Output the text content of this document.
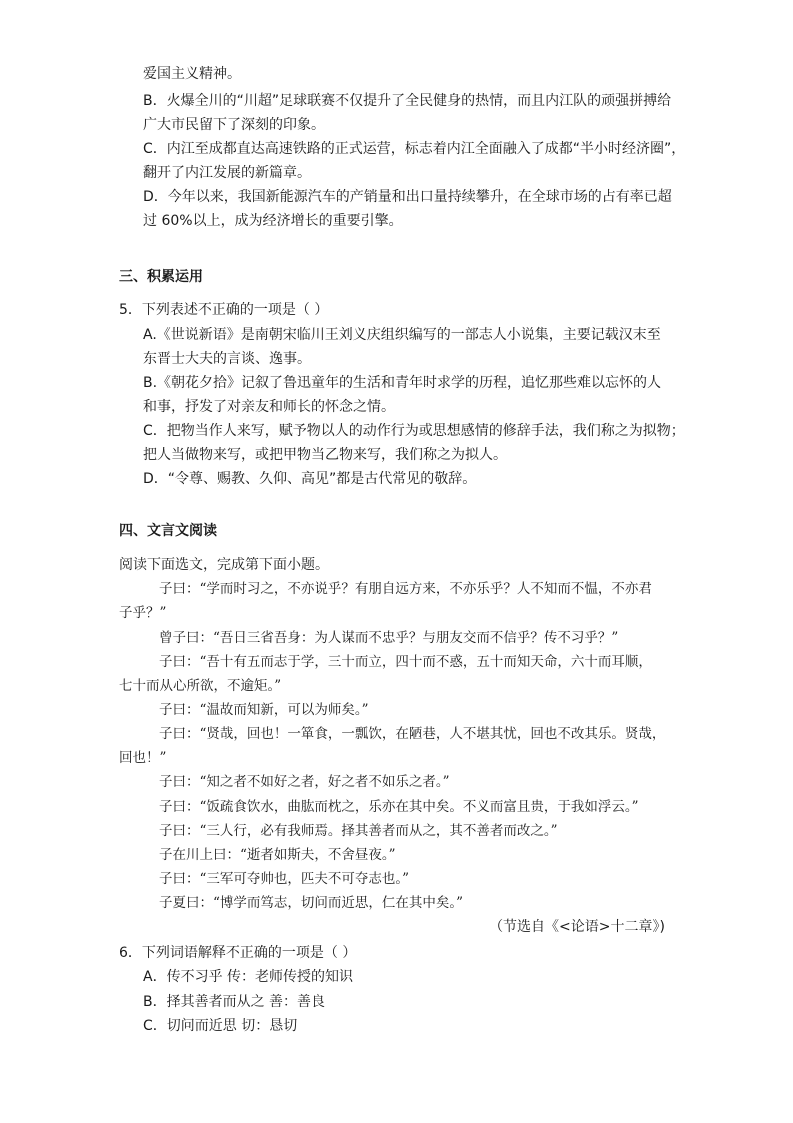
爱国主义精神。
B．火爆全川的“川超”足球联赛不仅提升了全民健身的热情，而且内江队的顽强拼搏给
广大市民留下了深刻的印象。
C．内江至成都直达高速铁路的正式运营，标志着内江全面融入了成都“半小时经济圈”，
翻开了内江发展的新篇章。
D．今年以来，我国新能源汽车的产销量和出口量持续攀升，在全球市场的占有率已超
过 60%以上，成为经济增长的重要引擎。
三、积累运用
5．下列表述不正确的一项是（ ）
A.《世说新语》是南朝宋临川王刘义庆组织编写的一部志人小说集，主要记载汉末至
东晋士大夫的言谈、逸事。
B.《朝花夕拾》记叙了鲁迅童年的生活和青年时求学的历程，追忆那些难以忘怀的人
和事，抒发了对亲友和师长的怀念之情。
C．把物当作人来写，赋予物以人的动作行为或思想感情的修辞手法，我们称之为拟物；
把人当做物来写，或把甲物当乙物来写，我们称之为拟人。
D．“令尊、赐教、久仰、高见”都是古代常见的敬辞。
四、文言文阅读
阅读下面选文，完成第下面小题。
子曰：“学而时习之，不亦说乎？有朋自远方来，不亦乐乎？人不知而不愠，不亦君
子乎？”
曾子曰：“吾日三省吾身：为人谋而不忠乎？与朋友交而不信乎？传不习乎？”
子曰：“吾十有五而志于学，三十而立，四十而不惑，五十而知天命，六十而耳顺，
七十而从心所欲，不逾矩。”
子曰：“温故而知新，可以为师矣。”
子曰：“贤哉，回也！一箪食，一瓢饮，在陋巷，人不堪其忧，回也不改其乐。贤哉，
回也！”
子曰：“知之者不如好之者，好之者不如乐之者。”
子曰：“饭疏食饮水，曲肱而枕之，乐亦在其中矣。不义而富且贵，于我如浮云。”
子曰：“三人行，必有我师焉。择其善者而从之，其不善者而改之。”
子在川上曰：“逝者如斯夫，不舍昼夜。”
子曰：“三军可夺帅也，匹夫不可夺志也。”
子夏曰：“博学而笃志，切问而近思，仁在其中矣。”
（节选自《<论语>十二章》)
6．下列词语解释不正确的一项是（ ）
A．传不习乎 传：老师传授的知识
B．择其善者而从之 善：善良
C．切问而近思 切：恳切
